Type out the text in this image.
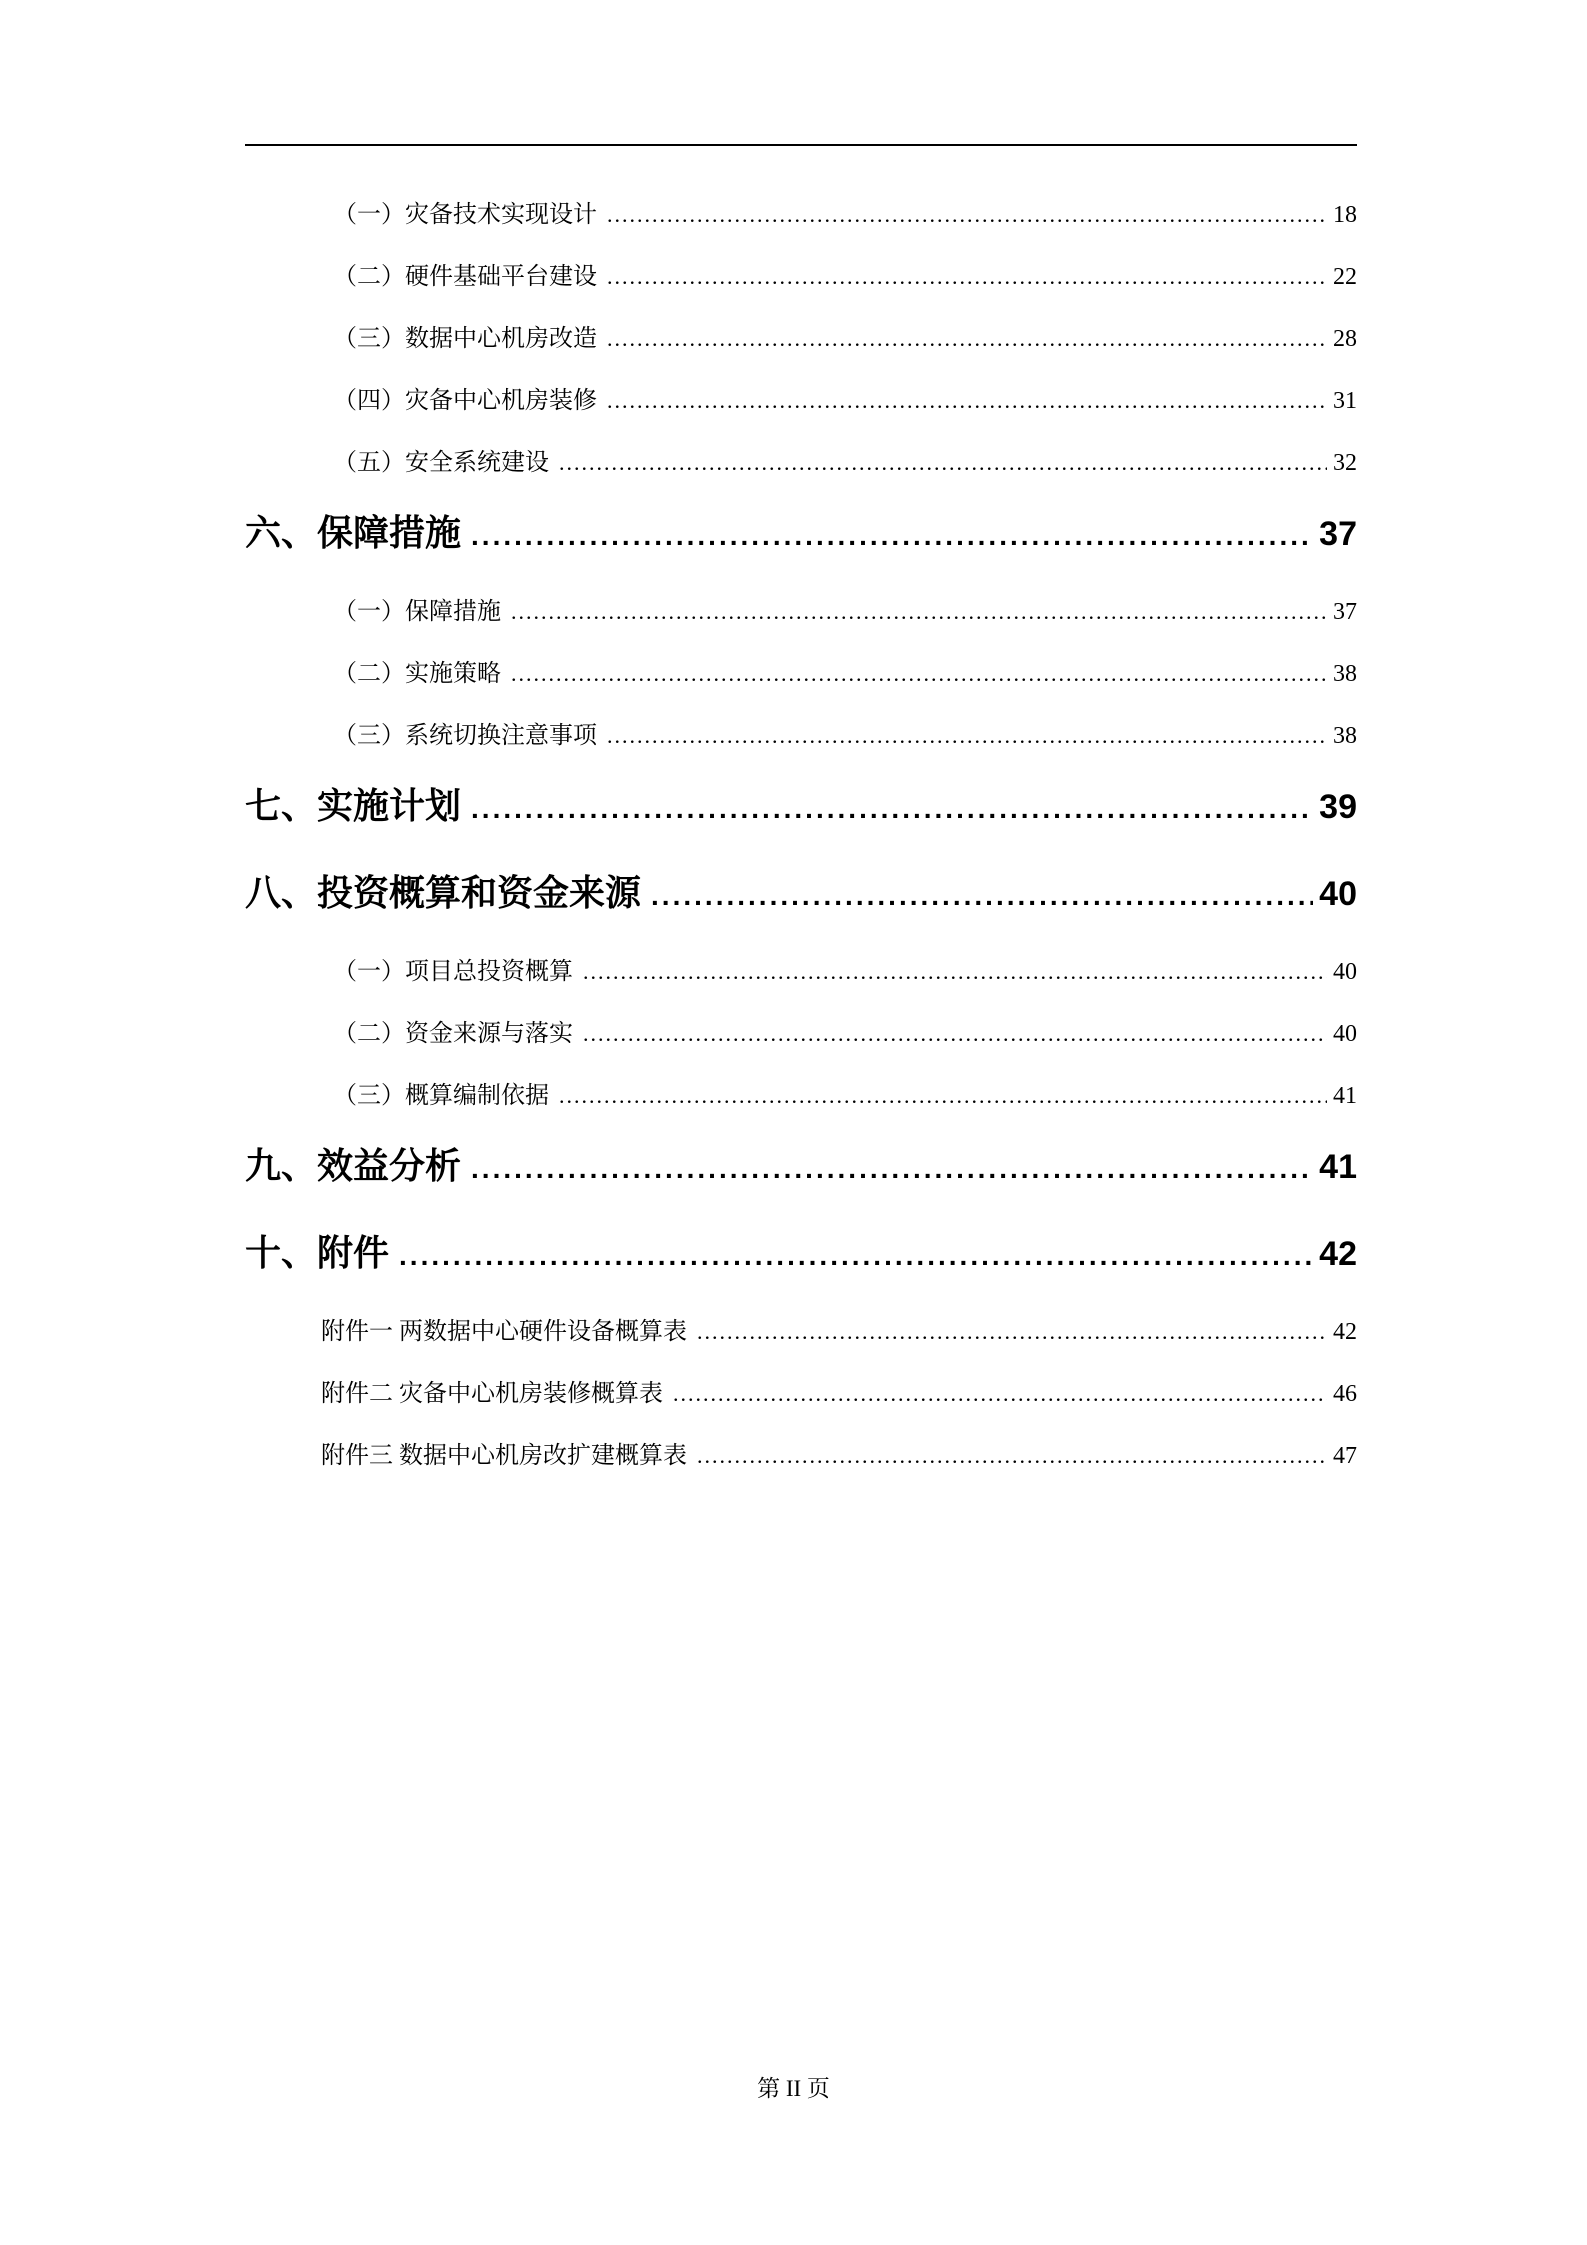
（一）灾备技术实现设计 .....	18
（二）硬件基础平台建设 .....	22
（三）数据中心机房改造 .....	28
（四）灾备中心机房装修 .....	31
（五）安全系统建设 .....	32
六、保障措施 .....	37
（一）保障措施 .....	37
（二）实施策略 .....	38
（三）系统切换注意事项 .....	38
七、实施计划 .....	39
八、投资概算和资金来源 .....	40
（一）项目总投资概算 .....	40
（二）资金来源与落实 .....	40
（三）概算编制依据 .....	41
九、效益分析 .....	41
十、附件 .....	42
附件一 两数据中心硬件设备概算表 .....	42
附件二 灾备中心机房装修概算表 .....	46
附件三 数据中心机房改扩建概算表 .....	47
第 II 页
